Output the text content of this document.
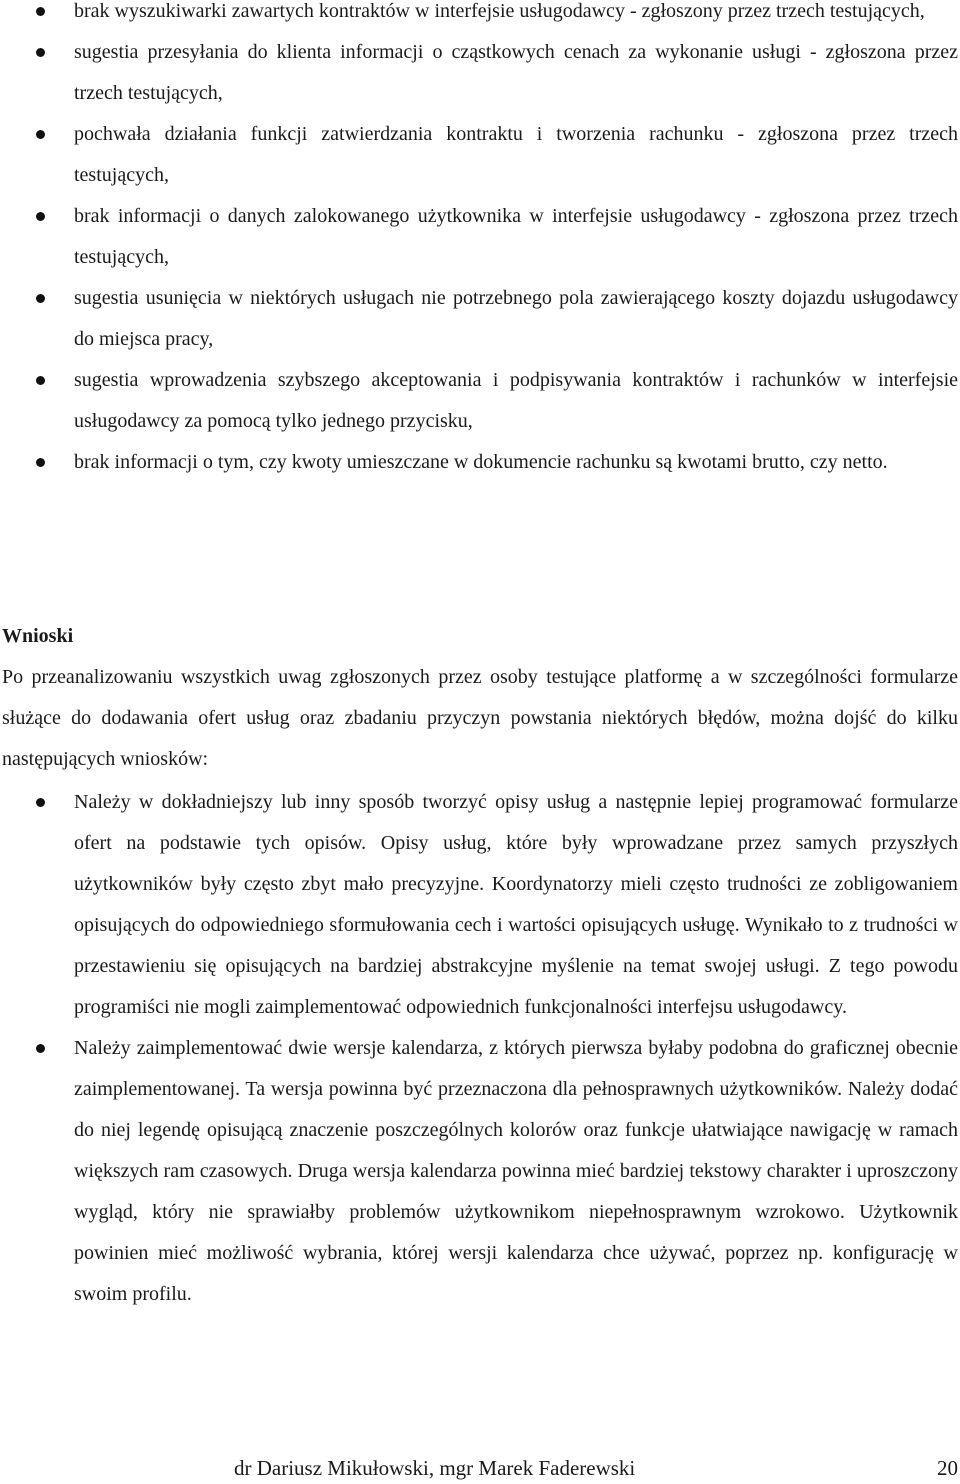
brak wyszukiwarki zawartych kontraktów w interfejsie usługodawcy - zgłoszony przez trzech testujących,
sugestia przesyłania do klienta informacji o cząstkowych cenach za wykonanie usługi - zgłoszona przez trzech testujących,
pochwała działania funkcji zatwierdzania kontraktu i tworzenia rachunku - zgłoszona przez trzech testujących,
brak informacji o danych zalokowanego użytkownika w interfejsie usługodawcy - zgłoszona przez trzech testujących,
sugestia usunięcia w niektórych usługach nie potrzebnego pola zawierającego koszty dojazdu usługodawcy do miejsca pracy,
sugestia wprowadzenia szybszego akceptowania i podpisywania kontraktów i rachunków w interfejsie usługodawcy za pomocą tylko jednego przycisku,
brak informacji o tym, czy kwoty umieszczane w dokumencie rachunku są kwotami brutto, czy netto.
Wnioski

Po przeanalizowaniu wszystkich uwag zgłoszonych przez osoby testujące platformę a w szczególności formularze służące do dodawania ofert usług oraz zbadaniu przyczyn powstania niektórych błędów, można dojść do kilku następujących wniosków:

Należy w dokładniejszy lub inny sposób tworzyć opisy usług a następnie lepiej programować formularze ofert na podstawie tych opisów. Opisy usług, które były wprowadzane przez samych przyszłych użytkowników były często zbyt mało precyzyjne. Koordynatorzy mieli często trudności ze zobligowaniem opisujących do odpowiedniego sformułowania cech i wartości opisujących usługę. Wynikało to z trudności w przestawieniu się opisujących na bardziej abstrakcyjne myślenie na temat swojej usługi. Z tego powodu programiści nie mogli zaimplementować odpowiednich funkcjonalności interfejsu usługodawcy.
Należy zaimplementować dwie wersje kalendarza, z których pierwsza byłaby podobna do graficznej obecnie zaimplementowanej. Ta wersja powinna być przeznaczona dla pełnosprawnych użytkowników. Należy dodać do niej legendę opisującą znaczenie poszczególnych kolorów oraz funkcje ułatwiające nawigację w ramach większych ram czasowych. Druga wersja kalendarza powinna mieć bardziej tekstowy charakter i uproszczony wygląd, który nie sprawiałby problemów użytkownikom niepełnosprawnym wzrokowo. Użytkownik powinien mieć możliwość wybrania, której wersji kalendarza chce używać, poprzez np. konfigurację w swoim profilu.
dr Dariusz Mikułowski, mgr Marek Faderewski	20
